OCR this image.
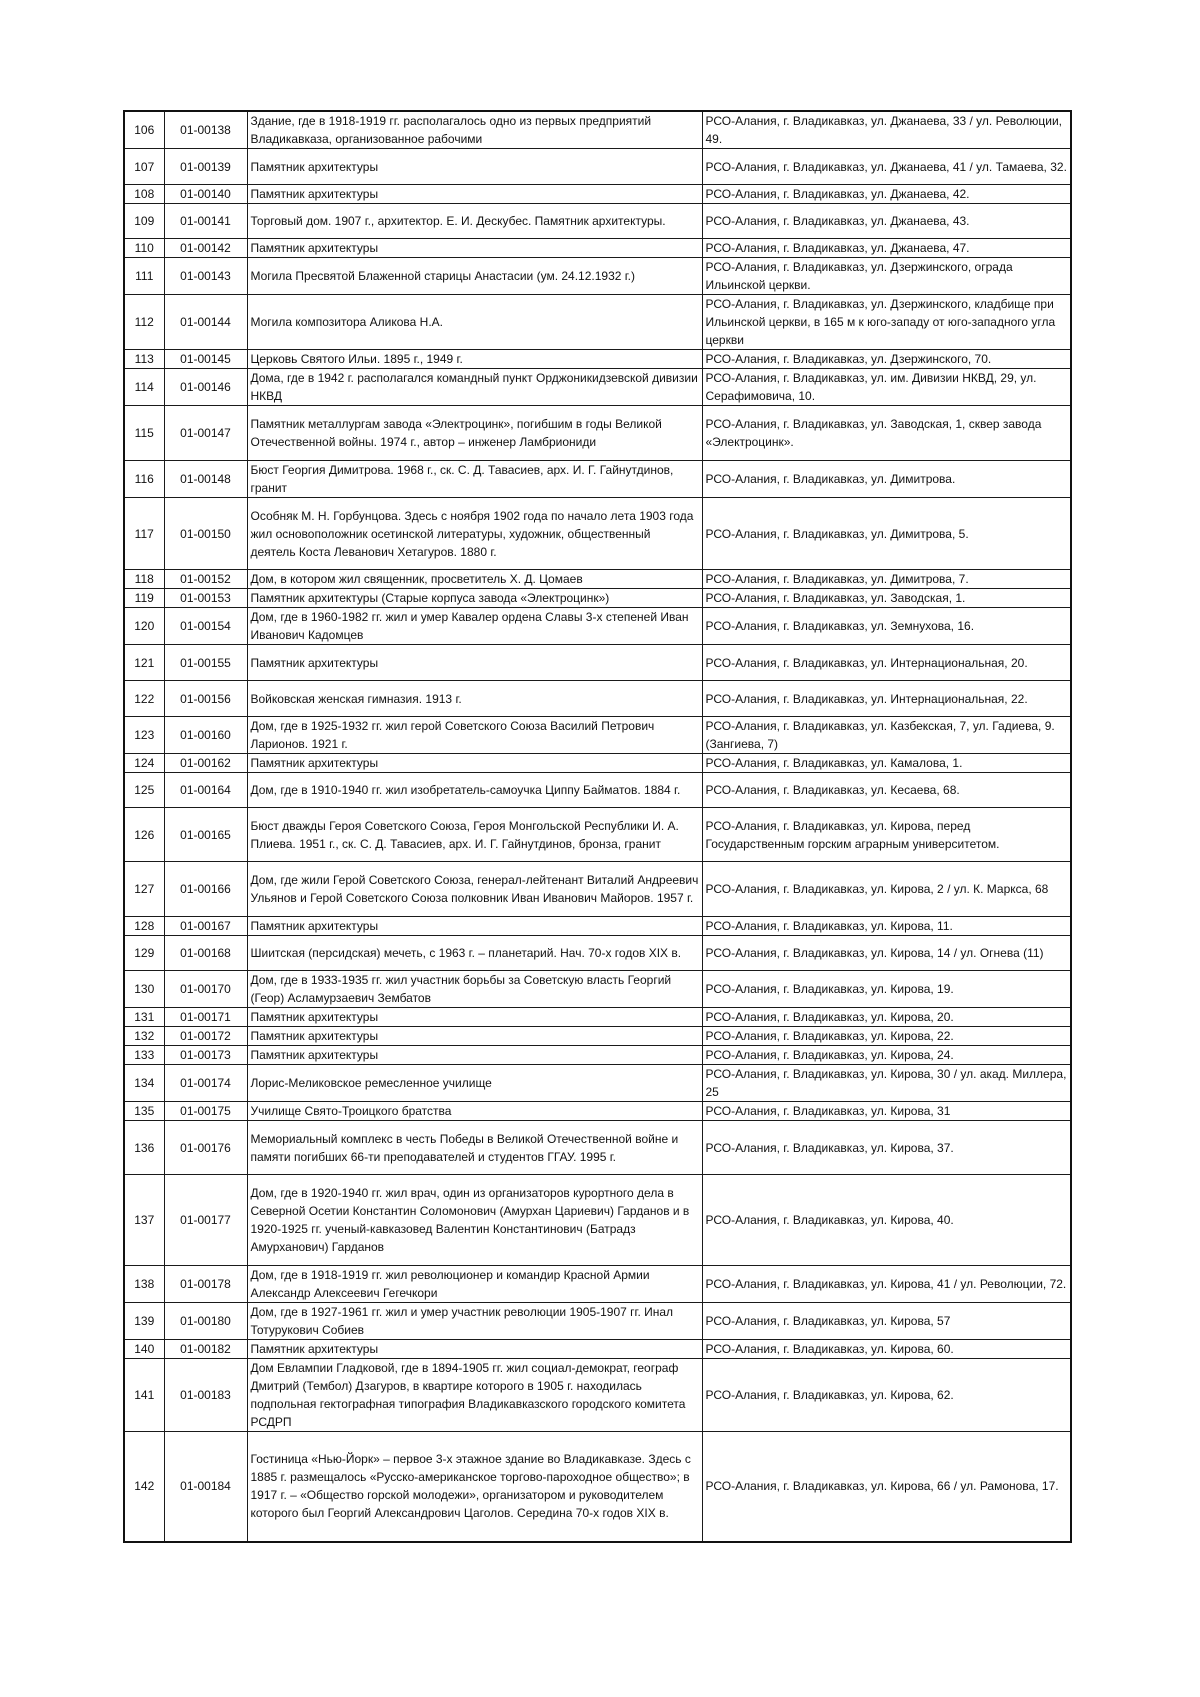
106	01-00138	Здание, где в 1918-1919 гг. располагалось одно из первых предприятий Владикавказа, организованное рабочими	РСО-Алания, г. Владикавказ, ул. Джанаева, 33 / ул. Революции, 49.
107	01-00139	Памятник архитектуры	РСО-Алания, г. Владикавказ, ул. Джанаева, 41 / ул. Тамаева, 32.
108	01-00140	Памятник архитектуры	РСО-Алания, г. Владикавказ, ул. Джанаева, 42.
109	01-00141	Торговый дом. 1907 г., архитектор. Е. И. Дескубес. Памятник архитектуры.	РСО-Алания, г. Владикавказ, ул. Джанаева, 43.
110	01-00142	Памятник архитектуры	РСО-Алания, г. Владикавказ, ул. Джанаева, 47.
111	01-00143	Могила Пресвятой Блаженной старицы Анастасии (ум. 24.12.1932 г.)	РСО-Алания, г. Владикавказ, ул. Дзержинского, ограда Ильинской церкви.
112	01-00144	Могила композитора Аликова Н.А.	РСО-Алания, г. Владикавказ, ул. Дзержинского, кладбище при Ильинской церкви, в 165 м к юго-западу от юго-западного угла церкви
113	01-00145	Церковь Святого Ильи. 1895 г., 1949 г.	РСО-Алания, г. Владикавказ, ул. Дзержинского, 70.
114	01-00146	Дома, где в 1942 г. располагался командный пункт Орджоникидзевской дивизии НКВД	РСО-Алания, г. Владикавказ, ул. им. Дивизии НКВД, 29, ул. Серафимовича, 10.
115	01-00147	Памятник металлургам завода «Электроцинк», погибшим в годы Великой Отечественной войны. 1974 г., автор – инженер Ламбриониди	РСО-Алания, г. Владикавказ, ул. Заводская, 1, сквер завода «Электроцинк».
116	01-00148	Бюст Георгия Димитрова. 1968 г., ск. С. Д. Тавасиев, арх. И. Г. Гайнутдинов, гранит	РСО-Алания, г. Владикавказ, ул. Димитрова.
117	01-00150	Особняк М. Н. Горбунцова. Здесь с ноября 1902 года по начало лета 1903 года жил основоположник осетинской литературы, художник, общественный деятель Коста Леванович Хетагуров. 1880 г.	РСО-Алания, г. Владикавказ, ул. Димитрова, 5.
118	01-00152	Дом, в котором жил священник, просветитель Х. Д. Цомаев	РСО-Алания, г. Владикавказ, ул. Димитрова, 7.
119	01-00153	Памятник архитектуры (Старые корпуса завода «Электроцинк»)	РСО-Алания, г. Владикавказ, ул. Заводская, 1.
120	01-00154	Дом, где в 1960-1982 гг. жил и умер Кавалер ордена Славы 3-х степеней Иван Иванович Кадомцев	РСО-Алания, г. Владикавказ, ул. Земнухова, 16.
121	01-00155	Памятник архитектуры	РСО-Алания, г. Владикавказ, ул. Интернациональная, 20.
122	01-00156	Войковская женская гимназия. 1913 г.	РСО-Алания, г. Владикавказ, ул. Интернациональная, 22.
123	01-00160	Дом, где в 1925-1932 гг. жил герой Советского Союза Василий Петрович Ларионов. 1921 г.	РСО-Алания, г. Владикавказ, ул. Казбекская, 7, ул. Гадиева, 9. (Зангиева, 7)
124	01-00162	Памятник архитектуры	РСО-Алания, г. Владикавказ, ул. Камалова, 1.
125	01-00164	Дом, где в 1910-1940 гг. жил изобретатель-самоучка Циппу Байматов. 1884 г.	РСО-Алания, г. Владикавказ, ул. Кесаева, 68.
126	01-00165	Бюст дважды Героя Советского Союза, Героя Монгольской Республики И. А. Плиева. 1951 г., ск. С. Д. Тавасиев, арх. И. Г. Гайнутдинов, бронза, гранит	РСО-Алания, г. Владикавказ, ул. Кирова, перед Государственным горским аграрным университетом.
127	01-00166	Дом, где жили Герой Советского Союза, генерал-лейтенант Виталий Андреевич Ульянов и Герой Советского Союза полковник Иван Иванович Майоров. 1957 г.	РСО-Алания, г. Владикавказ, ул. Кирова, 2 / ул. К. Маркса, 68
128	01-00167	Памятник архитектуры	РСО-Алания, г. Владикавказ, ул. Кирова, 11.
129	01-00168	Шиитская (персидская) мечеть, с 1963 г. – планетарий. Нач. 70-х годов XIX в.	РСО-Алания, г. Владикавказ, ул. Кирова, 14 / ул. Огнева (11)
130	01-00170	Дом, где в 1933-1935 гг. жил участник борьбы за Советскую власть Георгий (Геор) Асламурзаевич Зембатов	РСО-Алания, г. Владикавказ, ул. Кирова, 19.
131	01-00171	Памятник архитектуры	РСО-Алания, г. Владикавказ, ул. Кирова, 20.
132	01-00172	Памятник архитектуры	РСО-Алания, г. Владикавказ, ул. Кирова, 22.
133	01-00173	Памятник архитектуры	РСО-Алания, г. Владикавказ, ул. Кирова, 24.
134	01-00174	Лорис-Меликовское ремесленное училище	РСО-Алания, г. Владикавказ, ул. Кирова, 30 / ул. акад. Миллера, 25
135	01-00175	Училище Свято-Троицкого братства	РСО-Алания, г. Владикавказ, ул. Кирова, 31
136	01-00176	Мемориальный комплекс в честь Победы в Великой Отечественной войне и памяти погибших 66-ти преподавателей и студентов ГГАУ. 1995 г.	РСО-Алания, г. Владикавказ, ул. Кирова, 37.
137	01-00177	Дом, где в 1920-1940 гг. жил врач, один из организаторов курортного дела в Северной Осетии Константин Соломонович (Амурхан Цариевич) Гарданов и в 1920-1925 гг. ученый-кавказовед Валентин Константинович (Батрадз Амурханович) Гарданов	РСО-Алания, г. Владикавказ, ул. Кирова, 40.
138	01-00178	Дом, где в 1918-1919 гг. жил революционер и командир Красной Армии Александр Алексеевич Гегечкори	РСО-Алания, г. Владикавказ, ул. Кирова, 41 / ул. Революции, 72.
139	01-00180	Дом, где в 1927-1961 гг. жил и умер участник революции 1905-1907 гг. Инал Тотурукович Собиев	РСО-Алания, г. Владикавказ, ул. Кирова, 57
140	01-00182	Памятник архитектуры	РСО-Алания, г. Владикавказ, ул. Кирова, 60.
141	01-00183	Дом Евлампии Гладковой, где в 1894-1905 гг. жил социал-демократ, географ Дмитрий (Тембол) Дзагуров, в квартире которого в 1905 г. находилась подпольная гектографная типография Владикавказского городского комитета РСДРП	РСО-Алания, г. Владикавказ, ул. Кирова, 62.
142	01-00184	Гостиница «Нью-Йорк» – первое 3-х этажное здание во Владикавказе. Здесь с 1885 г. размещалось «Русско-американское торгово-пароходное общество»; в 1917 г. – «Общество горской молодежи», организатором и руководителем которого был Георгий Александрович Цаголов. Середина 70-х годов XIX в.	РСО-Алания, г. Владикавказ, ул. Кирова, 66 / ул. Рамонова, 17.
